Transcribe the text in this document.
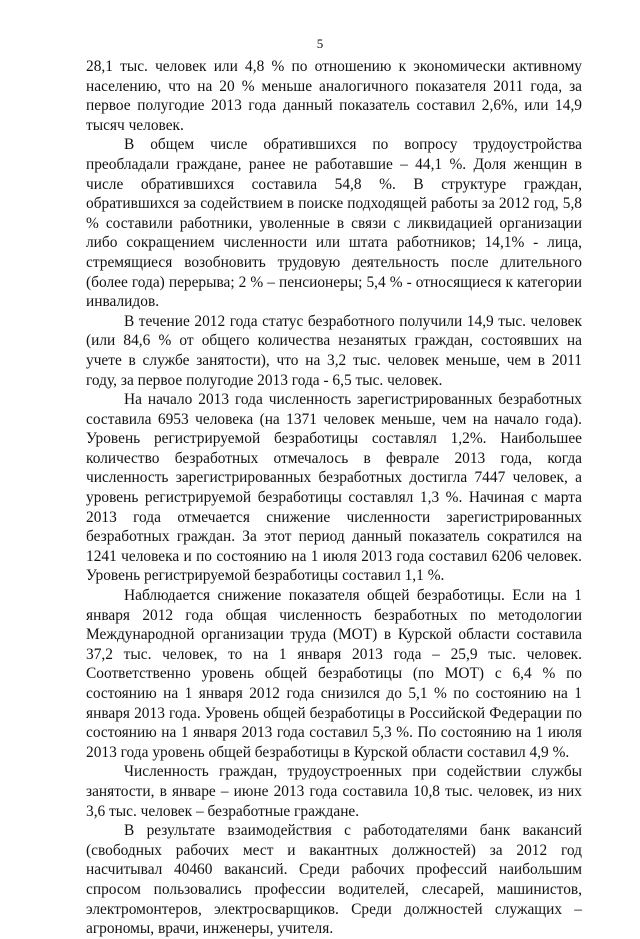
5

28,1 тыс. человек или 4,8 % по отношению к экономически активному населению, что на 20 % меньше аналогичного показателя 2011 года, за первое полугодие 2013 года данный показатель составил 2,6%, или 14,9 тысяч человек.

В общем числе обратившихся по вопросу трудоустройства преобладали граждане, ранее не работавшие – 44,1 %. Доля женщин в числе обратившихся составила 54,8 %. В структуре граждан, обратившихся за содействием в поиске подходящей работы за 2012 год, 5,8 % составили работники, уволенные в связи с ликвидацией организации либо сокращением численности или штата работников; 14,1% - лица, стремящиеся возобновить трудовую деятельность после длительного (более года) перерыва; 2 % – пенсионеры; 5,4 % - относящиеся к категории инвалидов.

В течение 2012 года статус безработного получили 14,9 тыс. человек (или 84,6 % от общего количества незанятых граждан, состоявших на учете в службе занятости), что на 3,2 тыс. человек меньше, чем в 2011 году, за первое полугодие 2013 года - 6,5 тыс. человек.

На начало 2013 года численность зарегистрированных безработных составила 6953 человека (на 1371 человек меньше, чем на начало года). Уровень регистрируемой безработицы составлял 1,2%. Наибольшее количество безработных отмечалось в феврале 2013 года, когда численность зарегистрированных безработных достигла 7447 человек, а уровень регистрируемой безработицы составлял 1,3 %. Начиная с марта 2013 года отмечается снижение численности зарегистрированных безработных граждан. За этот период данный показатель сократился на 1241 человека и по состоянию на 1 июля 2013 года составил 6206 человек. Уровень регистрируемой безработицы составил 1,1 %.

Наблюдается снижение показателя общей безработицы. Если на 1 января 2012 года общая численность безработных по методологии Международной организации труда (МОТ) в Курской области составила 37,2 тыс. человек, то на 1 января 2013 года – 25,9 тыс. человек. Соответственно уровень общей безработицы (по МОТ) с 6,4 % по состоянию на 1 января 2012 года снизился до 5,1 % по состоянию на 1 января 2013 года. Уровень общей безработицы в Российской Федерации по состоянию на 1 января 2013 года составил 5,3 %. По состоянию на 1 июля 2013 года уровень общей безработицы в Курской области составил 4,9 %.

Численность граждан, трудоустроенных при содействии службы занятости, в январе – июне 2013 года составила 10,8 тыс. человек, из них 3,6 тыс. человек – безработные граждане.

В результате взаимодействия с работодателями банк вакансий (свободных рабочих мест и вакантных должностей) за 2012 год насчитывал 40460 вакансий. Среди рабочих профессий наибольшим спросом пользовались профессии водителей, слесарей, машинистов, электромонтеров, электросварщиков. Среди должностей служащих – агрономы, врачи, инженеры, учителя.
